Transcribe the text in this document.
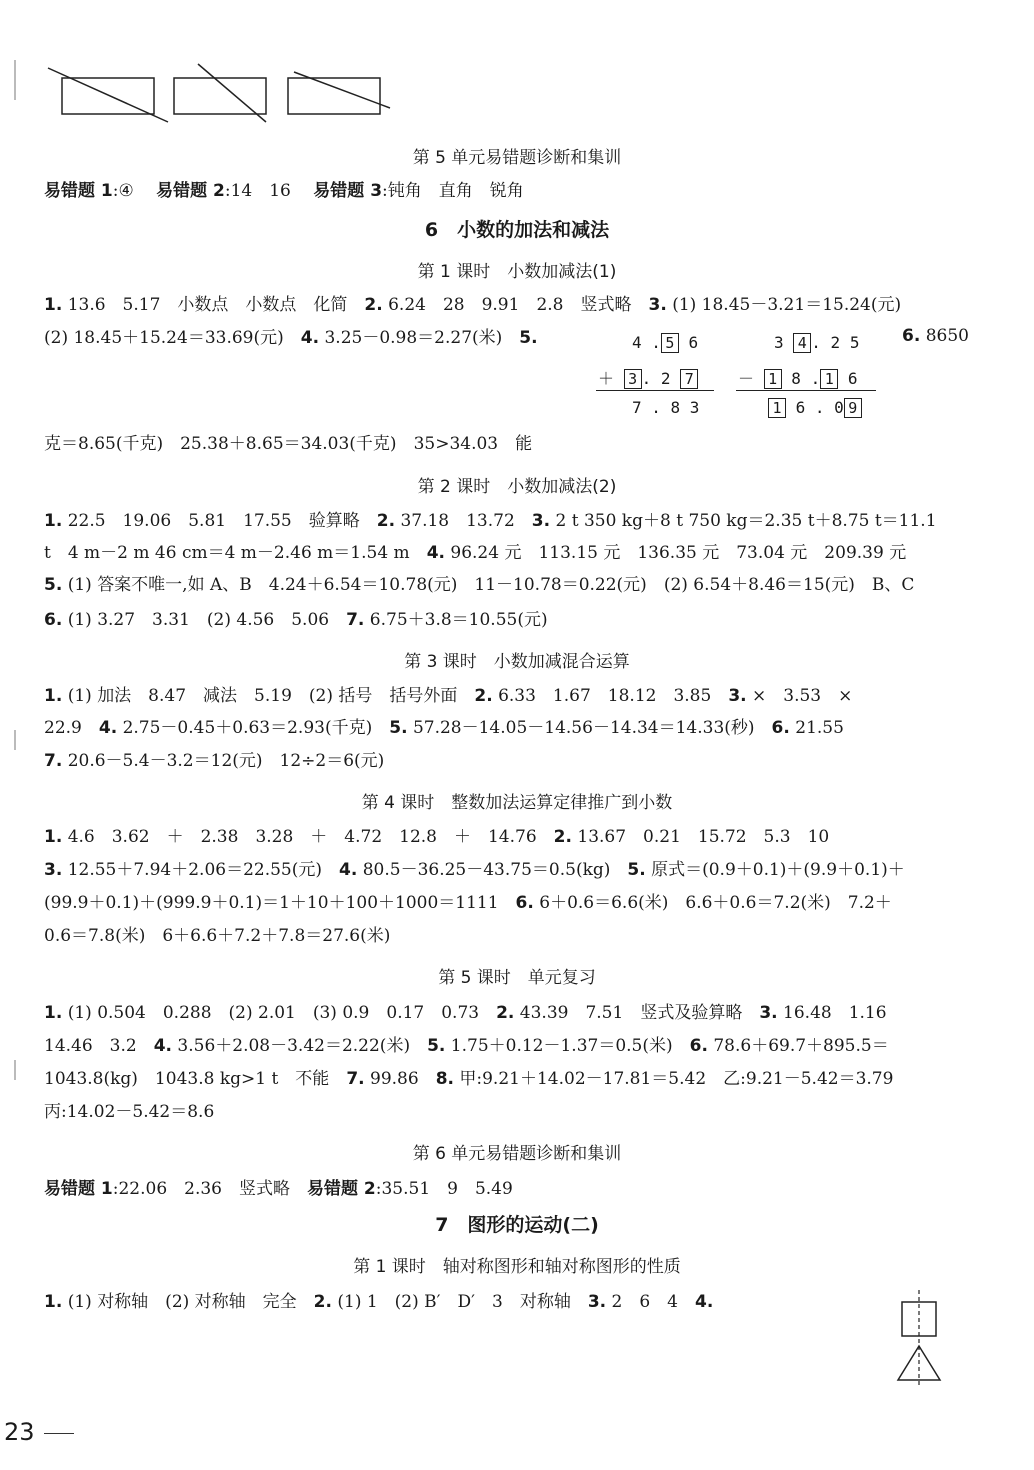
第 5 单元易错题诊断和集训
易错题 1:④　 易错题 2:14　16　 易错题 3:钝角　直角　锐角
6　小数的加法和减法
第 1 课时　小数加减法(1)
1. 13.6　5.17　小数点　小数点　化简　 2. 6.24　28　9.91　2.8　竖式略　 3. (1) 18.45－3.21＝15.24(元)
(2) 18.45＋15.24＝33.69(元)　 4. 3.25－0.98＝2.27(米)　 5.	6. 8650
4 . 5 6
＋ 3 . 2 7
7 . 8 3
3 4 . 2 5
－ 1 8 . 1 6
1 6 . 0 9
克＝8.65(千克)　25.38＋8.65＝34.03(千克)　35>34.03　能
第 2 课时　小数加减法(2)
1. 22.5　19.06　5.81　17.55　验算略　 2. 37.18　13.72　 3. 2 t 350 kg＋8 t 750 kg＝2.35 t＋8.75 t＝11.1
t　4 m－2 m 46 cm＝4 m－2.46 m＝1.54 m　 4. 96.24 元　113.15 元　136.35 元　73.04 元　209.39 元
5. (1) 答案不唯一,如 A、B　4.24＋6.54＝10.78(元)　11－10.78＝0.22(元)　(2) 6.54＋8.46＝15(元)　B、C
6. (1) 3.27　3.31　(2) 4.56　5.06　 7. 6.75＋3.8＝10.55(元)
第 3 课时　小数加减混合运算
1. (1) 加法　8.47　减法　5.19　(2) 括号　括号外面　 2. 6.33　1.67　18.12　3.85　 3. ×　3.53　×
22.9　 4. 2.75－0.45＋0.63＝2.93(千克)　 5. 57.28－14.05－14.56－14.34＝14.33(秒)　 6. 21.55
7. 20.6－5.4－3.2＝12(元)　12÷2＝6(元)
第 4 课时　整数加法运算定律推广到小数
1. 4.6　3.62　＋　2.38　3.28　＋　4.72　12.8　＋　14.76　 2. 13.67　0.21　15.72　5.3　10
3. 12.55＋7.94＋2.06＝22.55(元)　 4. 80.5－36.25－43.75＝0.5(kg)　 5. 原式＝(0.9＋0.1)＋(9.9＋0.1)＋
(99.9＋0.1)＋(999.9＋0.1)＝1＋10＋100＋1000＝1111　 6. 6＋0.6＝6.6(米)　6.6＋0.6＝7.2(米)　7.2＋
0.6＝7.8(米)　6＋6.6＋7.2＋7.8＝27.6(米)
第 5 课时　单元复习
1. (1) 0.504　0.288　(2) 2.01　(3) 0.9　0.17　0.73　 2. 43.39　7.51　竖式及验算略　 3. 16.48　1.16
14.46　3.2　 4. 3.56＋2.08－3.42＝2.22(米)　 5. 1.75＋0.12－1.37＝0.5(米)　 6. 78.6＋69.7＋895.5＝
1043.8(kg)　1043.8 kg>1 t　不能　 7. 99.86　 8. 甲:9.21＋14.02－17.81＝5.42　乙:9.21－5.42＝3.79
丙:14.02－5.42＝8.6
第 6 单元易错题诊断和集训
易错题 1:22.06　2.36　竖式略　 易错题 2:35.51　9　5.49
7　图形的运动(二)
第 1 课时　轴对称图形和轴对称图形的性质
1. (1) 对称轴　(2) 对称轴　完全　 2. (1) 1　(2) B′　D′　3　对称轴　 3. 2　6　4　 4.
23
